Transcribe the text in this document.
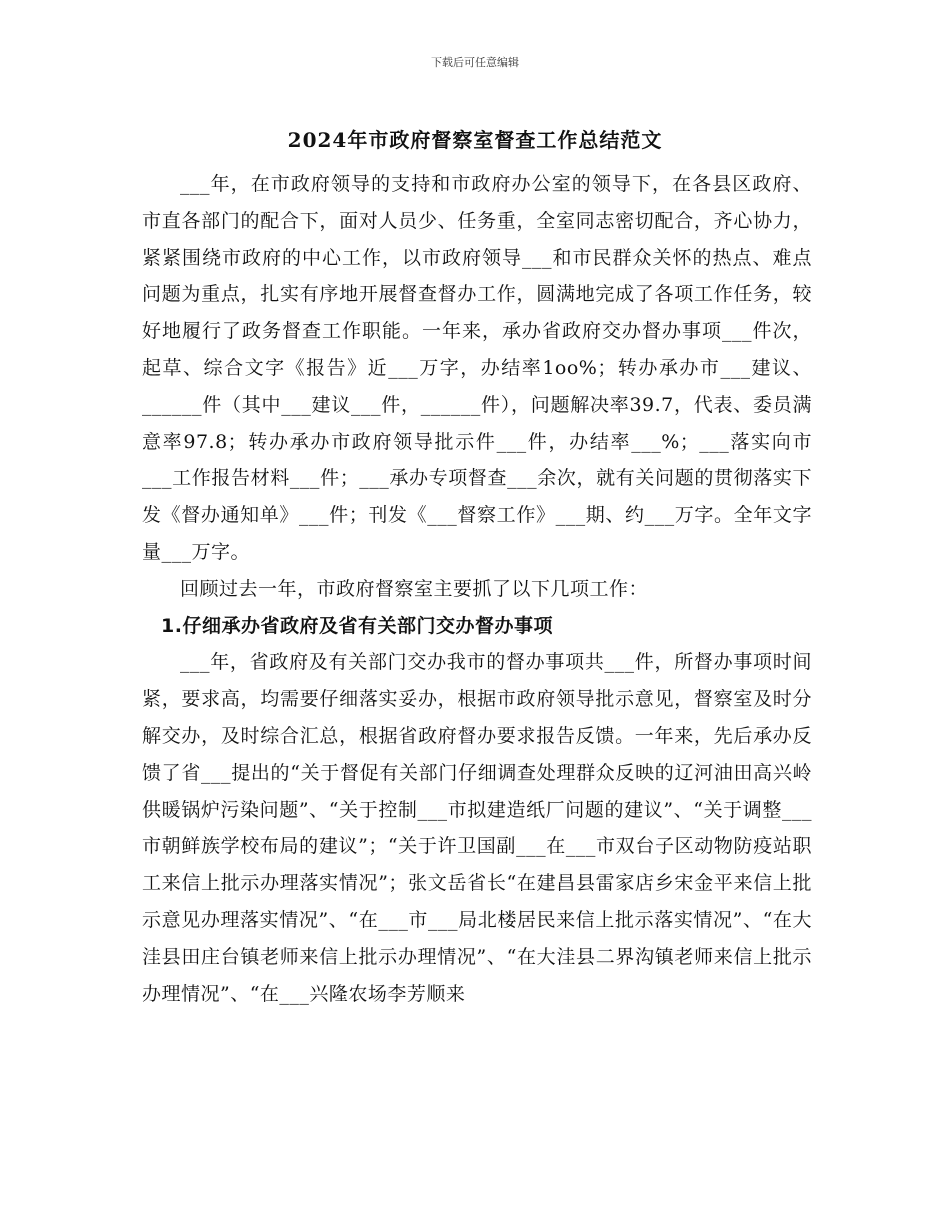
下载后可任意编辑
2024年市政府督察室督查工作总结范文

___年，在市政府领导的支持和市政府办公室的领导下，在各县区政府、市直各部门的配合下，面对人员少、任务重，全室同志密切配合，齐心协力，紧紧围绕市政府的中心工作，以市政府领导___和市民群众关怀的热点、难点问题为重点，扎实有序地开展督查督办工作，圆满地完成了各项工作任务，较好地履行了政务督查工作职能。一年来，承办省政府交办督办事项___件次，起草、综合文字《报告》近___万字，办结率1oo%；转办承办市___建议、______件（其中___建议___件，______件），问题解决率39.7，代表、委员满意率97.8；转办承办市政府领导批示件___件，办结率___%；___落实向市___工作报告材料___件；___承办专项督查___余次，就有关问题的贯彻落实下发《督办通知单》___件；刊发《___督察工作》___期、约___万字。全年文字量___万字。

回顾过去一年，市政府督察室主要抓了以下几项工作：

1.仔细承办省政府及省有关部门交办督办事项

___年，省政府及有关部门交办我市的督办事项共___件，所督办事项时间紧，要求高，均需要仔细落实妥办，根据市政府领导批示意见，督察室及时分解交办，及时综合汇总，根据省政府督办要求报告反馈。一年来，先后承办反馈了省___提出的“关于督促有关部门仔细调查处理群众反映的辽河油田高兴岭供暖锅炉污染问题”、“关于控制___市拟建造纸厂问题的建议”、“关于调整___市朝鲜族学校布局的建议”；“关于许卫国副___在___市双台子区动物防疫站职工来信上批示办理落实情况”；张文岳省长“在建昌县雷家店乡宋金平来信上批示意见办理落实情况”、“在___市___局北楼居民来信上批示落实情况”、“在大洼县田庄台镇老师来信上批示办理情况”、“在大洼县二界沟镇老师来信上批示办理情况”、“在___兴隆农场李芳顺来
